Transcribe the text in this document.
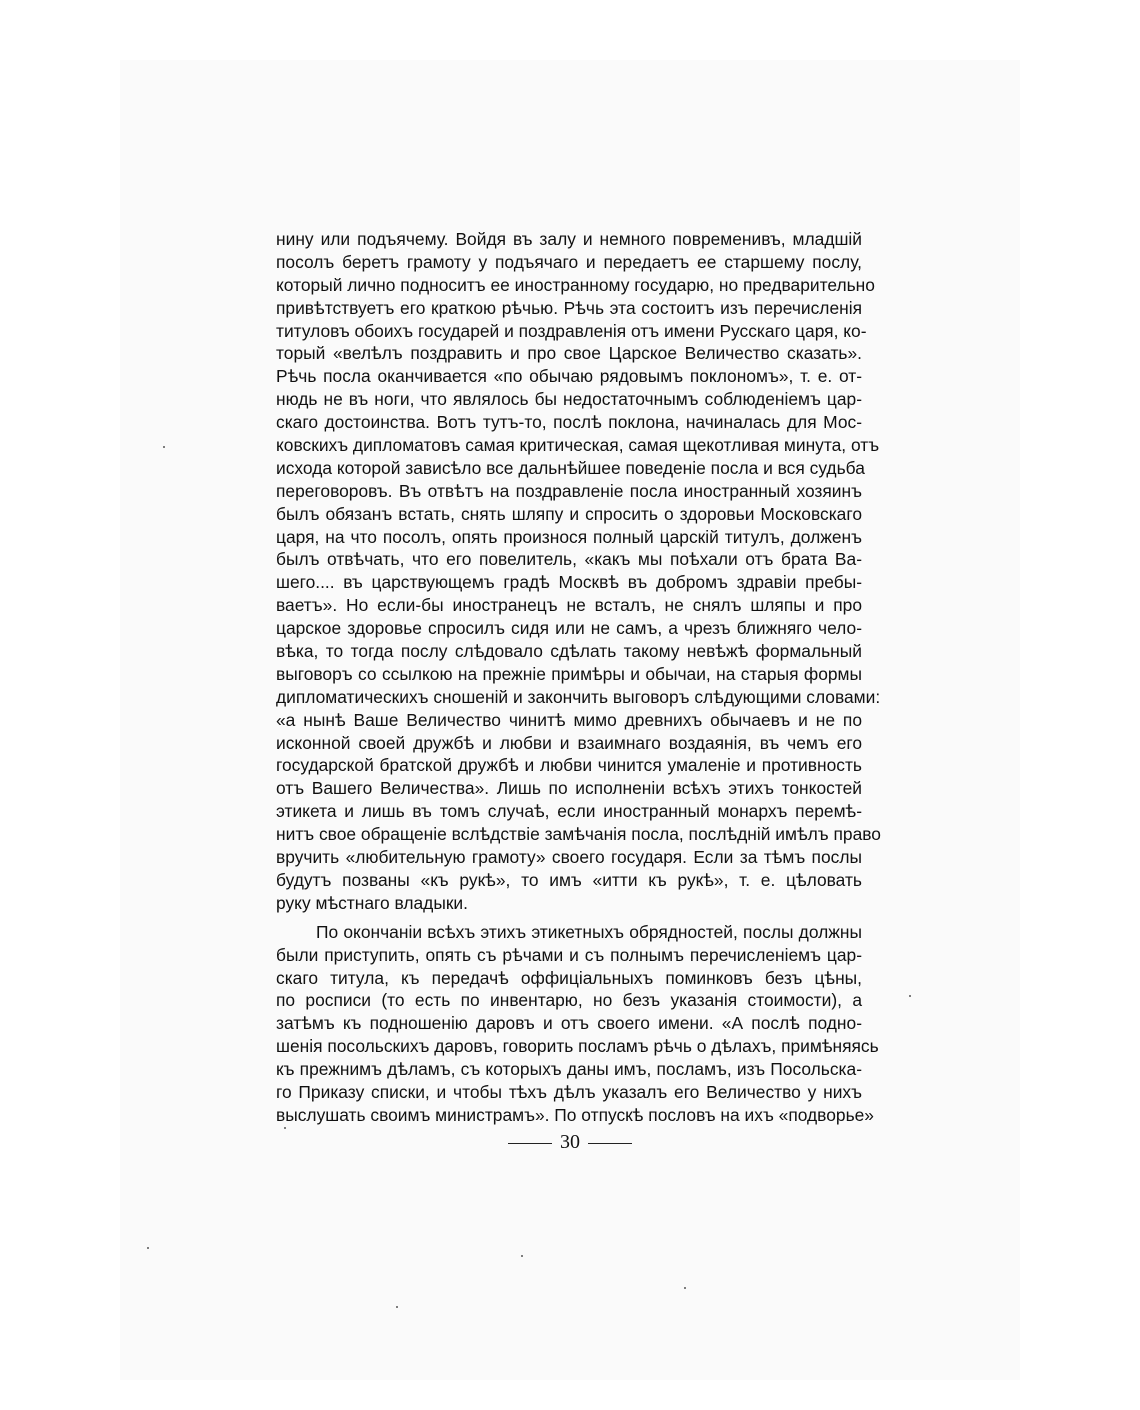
нину или подъячему. Войдя въ залу и немного повременивъ, младшій
посолъ беретъ грамоту у подъячаго и передаетъ ее старшему послу,
который лично подноситъ ее иностранному государю, но предварительно
привѣтствуетъ его краткою рѣчью. Рѣчь эта состоитъ изъ перечисленія
титуловъ обоихъ государей и поздравленія отъ имени Русскаго царя, ко-
торый «велѣлъ поздравить и про свое Царское Величество сказать».
Рѣчь посла оканчивается «по обычаю рядовымъ поклономъ», т. е. от-
нюдь не въ ноги, что являлось бы недостаточнымъ соблюденіемъ цар-
скаго достоинства. Вотъ тутъ-то, послѣ поклона, начиналась для Мос-
ковскихъ дипломатовъ самая критическая, самая щекотливая минута, отъ
исхода которой зависѣло все дальнѣйшее поведеніе посла и вся судьба
переговоровъ. Въ отвѣтъ на поздравленіе посла иностранный хозяинъ
былъ обязанъ встать, снять шляпу и спросить о здоровьи Московскаго
царя, на что посолъ, опять произнося полный царскій титулъ, долженъ
былъ отвѣчать, что его повелитель, «какъ мы поѣхали отъ брата Ва-
шего.... въ царствующемъ градѣ Москвѣ въ добромъ здравіи пребы-
ваетъ». Но если-бы иностранецъ не всталъ, не снялъ шляпы и про
царское здоровье спросилъ сидя или не самъ, а чрезъ ближняго чело-
вѣка, то тогда послу слѣдовало сдѣлать такому невѣжѣ формальный
выговоръ со ссылкою на прежніе примѣры и обычаи, на старыя формы
дипломатическихъ сношеній и закончить выговоръ слѣдующими словами:
«а нынѣ Ваше Величество чинитѣ мимо древнихъ обычаевъ и не по
исконной своей дружбѣ и любви и взаимнаго воздаянія, въ чемъ его
государской братской дружбѣ и любви чинится умаленіе и противность
отъ Вашего Величества». Лишь по исполненіи всѣхъ этихъ тонкостей
этикета и лишь въ томъ случаѣ, если иностранный монархъ перемѣ-
нитъ свое обращеніе вслѣдствіе замѣчанія посла, послѣдній имѣлъ право
вручить «любительную грамоту» своего государя. Если за тѣмъ послы
будутъ позваны «къ рукѣ», то имъ «итти къ рукѣ», т. е. цѣловать
руку мѣстнаго владыки.
По окончаніи всѣхъ этихъ этикетныхъ обрядностей, послы должны
были приступить, опять съ рѣчами и съ полнымъ перечисленіемъ цар-
скаго титула, къ передачѣ оффиціальныхъ поминковъ безъ цѣны,
по росписи (то есть по инвентарю, но безъ указанія стоимости), а
затѣмъ къ подношенію даровъ и отъ своего имени. «А послѣ подно-
шенія посольскихъ даровъ, говорить посламъ рѣчь о дѣлахъ, примѣняясь
къ прежнимъ дѣламъ, съ которыхъ даны имъ, посламъ, изъ Посольска-
го Приказу списки, и чтобы тѣхъ дѣлъ указалъ его Величество у нихъ
выслушать своимъ министрамъ». По отпускѣ пословъ на ихъ «подворье»
30
